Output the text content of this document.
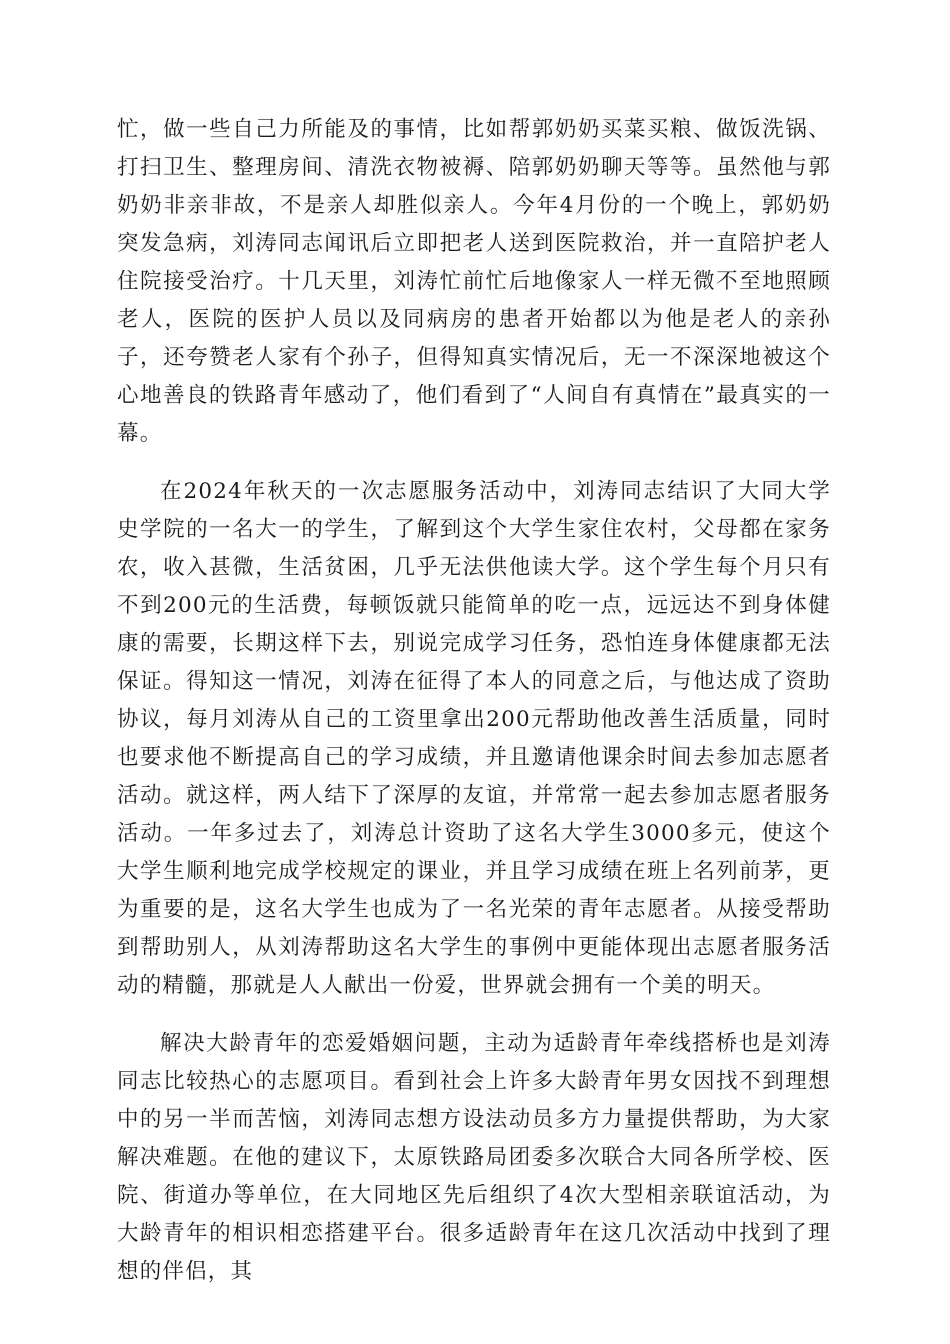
忙，做一些自己力所能及的事情，比如帮郭奶奶买菜买粮、做饭洗锅、打扫卫生、整理房间、清洗衣物被褥、陪郭奶奶聊天等等。虽然他与郭奶奶非亲非故，不是亲人却胜似亲人。今年4月份的一个晚上，郭奶奶突发急病，刘涛同志闻讯后立即把老人送到医院救治，并一直陪护老人住院接受治疗。十几天里，刘涛忙前忙后地像家人一样无微不至地照顾老人，医院的医护人员以及同病房的患者开始都以为他是老人的亲孙子，还夸赞老人家有个孙子，但得知真实情况后，无一不深深地被这个心地善良的铁路青年感动了，他们看到了“人间自有真情在”最真实的一幕。

在2024年秋天的一次志愿服务活动中，刘涛同志结识了大同大学史学院的一名大一的学生，了解到这个大学生家住农村，父母都在家务农，收入甚微，生活贫困，几乎无法供他读大学。这个学生每个月只有不到200元的生活费，每顿饭就只能简单的吃一点，远远达不到身体健康的需要，长期这样下去，别说完成学习任务，恐怕连身体健康都无法保证。得知这一情况，刘涛在征得了本人的同意之后，与他达成了资助协议，每月刘涛从自己的工资里拿出200元帮助他改善生活质量，同时也要求他不断提高自己的学习成绩，并且邀请他课余时间去参加志愿者活动。就这样，两人结下了深厚的友谊，并常常一起去参加志愿者服务活动。一年多过去了，刘涛总计资助了这名大学生3000多元，使这个大学生顺利地完成学校规定的课业，并且学习成绩在班上名列前茅，更为重要的是，这名大学生也成为了一名光荣的青年志愿者。从接受帮助到帮助别人，从刘涛帮助这名大学生的事例中更能体现出志愿者服务活动的精髓，那就是人人献出一份爱，世界就会拥有一个美的明天。

解决大龄青年的恋爱婚姻问题，主动为适龄青年牵线搭桥也是刘涛同志比较热心的志愿项目。看到社会上许多大龄青年男女因找不到理想中的另一半而苦恼，刘涛同志想方设法动员多方力量提供帮助，为大家解决难题。在他的建议下，太原铁路局团委多次联合大同各所学校、医院、街道办等单位，在大同地区先后组织了4次大型相亲联谊活动，为大龄青年的相识相恋搭建平台。很多适龄青年在这几次活动中找到了理想的伴侣，其
